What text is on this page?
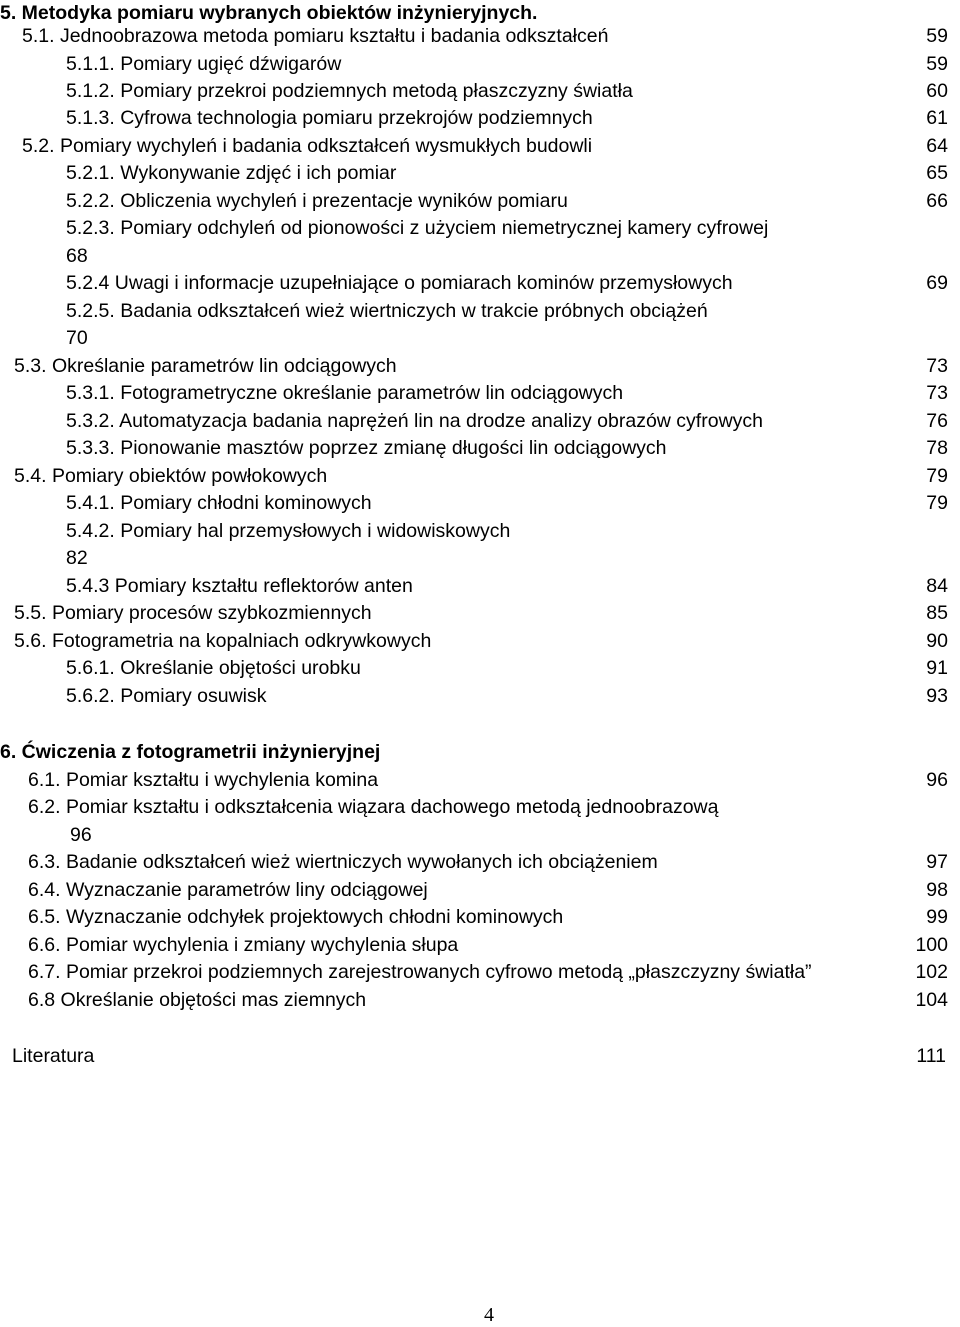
5. Metodyka pomiaru wybranych obiektów inżynieryjnych.
5.1. Jednoobrazowa metoda pomiaru kształtu i badania odkształceń	59
5.1.1. Pomiary ugięć dźwigarów	59
5.1.2. Pomiary przekroi podziemnych metodą płaszczyzny światła	60
5.1.3. Cyfrowa technologia pomiaru przekrojów podziemnych	61
5.2. Pomiary wychyleń i badania odkształceń wysmukłych budowli	64
5.2.1. Wykonywanie zdjęć i ich pomiar	65
5.2.2. Obliczenia wychyleń i prezentacje wyników pomiaru	66
5.2.3. Pomiary odchyleń od pionowości z użyciem niemetrycznej kamery cyfrowej
68
5.2.4 Uwagi i informacje uzupełniające o pomiarach kominów przemysłowych	69
5.2.5. Badania odkształceń wież wiertniczych w trakcie próbnych obciążeń
70
5.3. Określanie parametrów lin odciągowych	73
5.3.1. Fotogrametryczne określanie parametrów lin odciągowych	73
5.3.2. Automatyzacja badania naprężeń lin na drodze analizy obrazów cyfrowych	76
5.3.3. Pionowanie masztów poprzez zmianę długości lin odciągowych	78
5.4. Pomiary obiektów powłokowych	79
5.4.1. Pomiary chłodni kominowych	79
5.4.2. Pomiary hal przemysłowych i widowiskowych
82
5.4.3 Pomiary kształtu reflektorów anten	84
5.5. Pomiary procesów szybkozmiennych	85
5.6. Fotogrametria na kopalniach odkrywkowych	90
5.6.1. Określanie objętości urobku	91
5.6.2. Pomiary osuwisk	93
6. Ćwiczenia z fotogrametrii inżynieryjnej
6.1. Pomiar kształtu i wychylenia komina	96
6.2. Pomiar kształtu i odkształcenia wiązara dachowego metodą jednoobrazową
96
6.3. Badanie odkształceń wież wiertniczych wywołanych ich obciążeniem	97
6.4. Wyznaczanie parametrów liny odciągowej	98
6.5. Wyznaczanie odchyłek projektowych chłodni kominowych	99
6.6. Pomiar wychylenia i zmiany wychylenia słupa	100
6.7. Pomiar przekroi podziemnych zarejestrowanych cyfrowo metodą „płaszczyzny światła”	102
6.8 Określanie objętości mas ziemnych	104
Literatura	111
4
